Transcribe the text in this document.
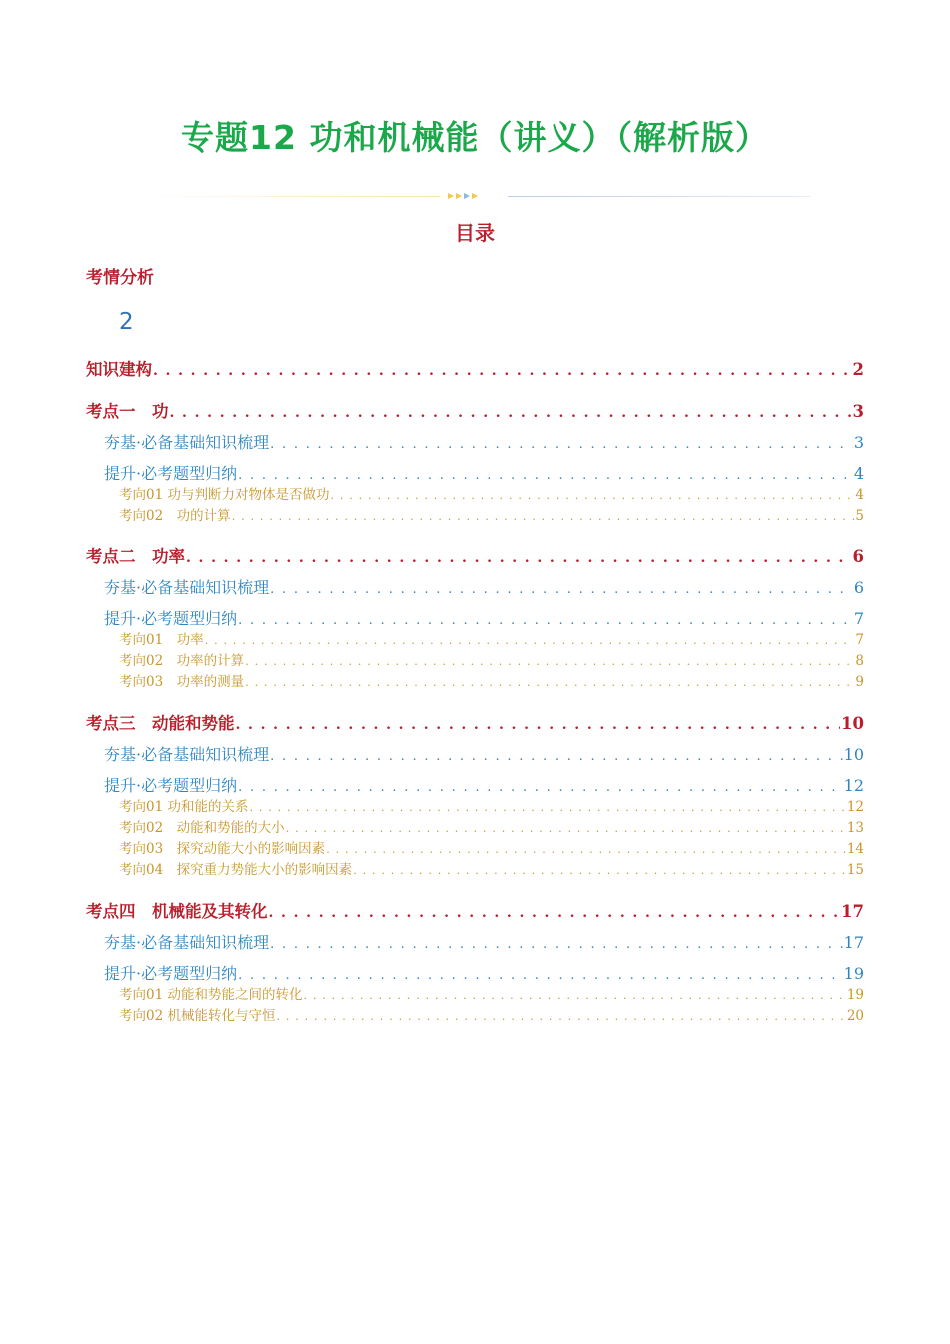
专题12 功和机械能（讲义）（解析版）
目录
考情分析
2
知识建构 . . .	2
考点一　功 . . .	3
夯基·必备基础知识梳理 . . .	3
提升·必考题型归纳 . . .	4
考向01 功与判断力对物体是否做功 . . .	4
考向02　功的计算 . . .	5
考点二　功率 . . .	6
夯基·必备基础知识梳理 . . .	6
提升·必考题型归纳 . . .	7
考向01　功率 . . .	7
考向02　功率的计算 . . .	8
考向03　功率的测量 . . .	9
考点三　动能和势能 . . .	10
夯基·必备基础知识梳理 . . .	10
提升·必考题型归纳 . . .	12
考向01 功和能的关系 . . .	12
考向02　动能和势能的大小 . . .	13
考向03　探究动能大小的影响因素 . . .	14
考向04　探究重力势能大小的影响因素 . . .	15
考点四　机械能及其转化 . . .	17
夯基·必备基础知识梳理 . . .	17
提升·必考题型归纳 . . .	19
考向01 动能和势能之间的转化 . . .	19
考向02 机械能转化与守恒 . . .	20
